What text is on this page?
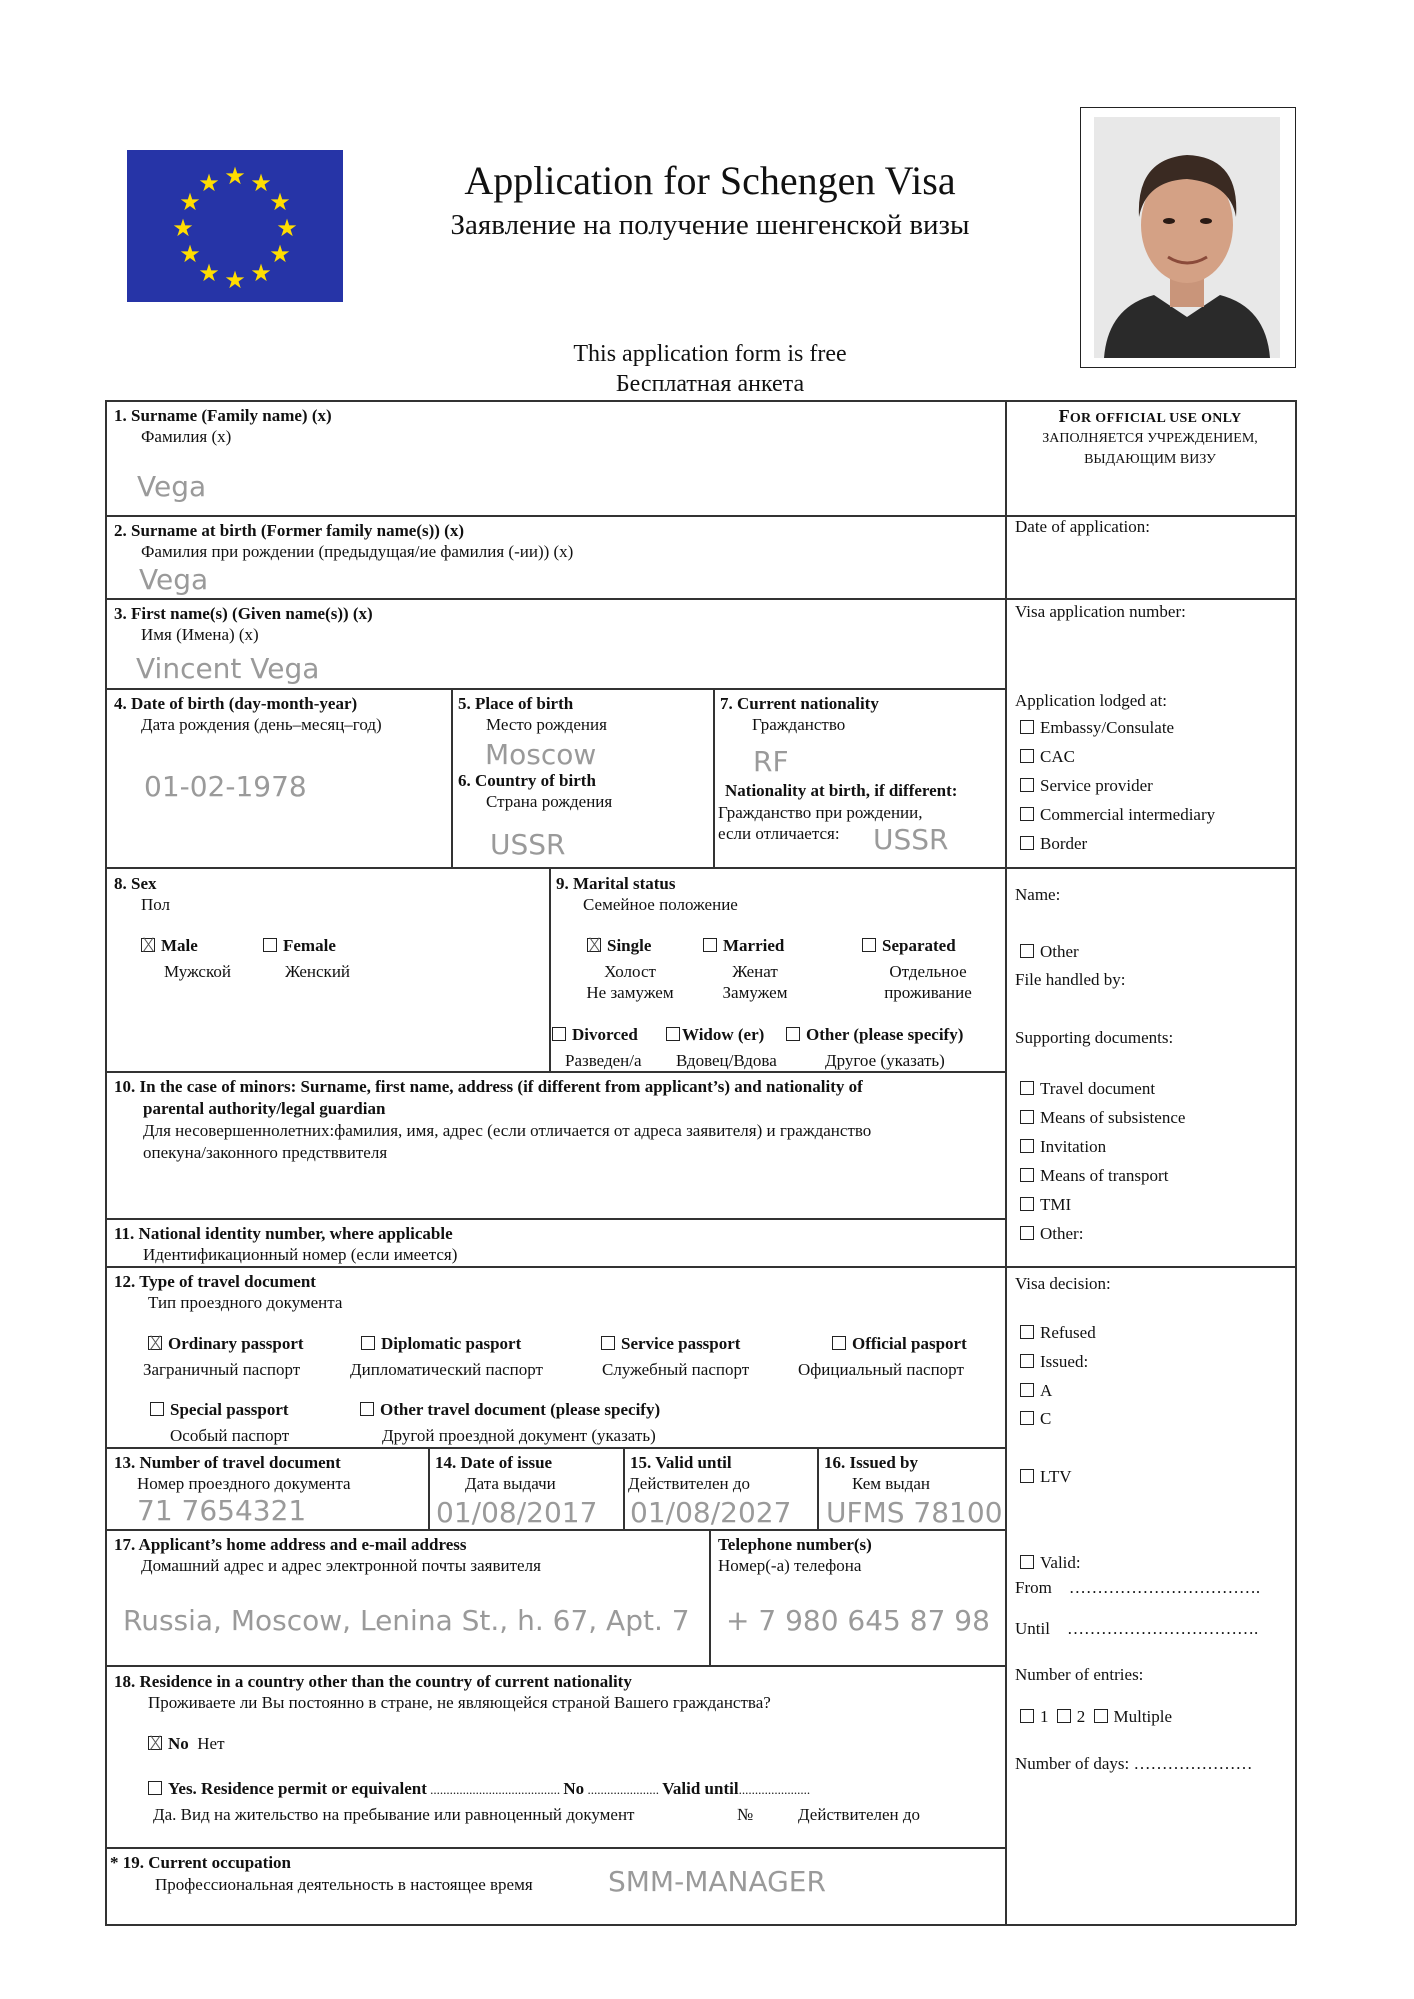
★ ★
★
★
★
★
★
★
★
★
★
★	Application for Schengen Visa
Заявление на получение шенгенской визы
This application form is free
Бесплатная анкета
1. Surname (Family name) (x)
Фамилия (x)
Vega
2. Surname at birth (Former family name(s)) (x)
Фамилия при рождении (предыдущая/ие фамилия (-ии)) (x)
Vega
3. First name(s) (Given name(s)) (x)
Имя (Имена) (x)
Vincent Vega
4. Date of birth (day-month-year)
Дата рождения (день–месяц–год)
01-02-1978
5. Place of birth
Место рождения
Moscow
6. Country of birth
Страна рождения
USSR
7. Current nationality
Гражданство
RF
Nationality at birth, if different:
Гражданство при рождении,
если отличается: USSR
8. Sex
Пол
Male
Мужской
Female
Женский
9. Marital status
Семейное положение
Single
Холост
Не замужем
Married
Женат
Замужем
Separated
Отдельное
проживание
Divorced
Разведен/а
Widow (er)
Вдовец/Вдова
Other (please specify)
Другое (указать)
10. In the case of minors: Surname, first name, address (if different from applicant’s) and nationality of
parental authority/legal guardian
Для несовершеннолетних:фамилия, имя, адрес (если отличается от адреса заявителя) и гражданство
опекуна/законного предстввителя
11. National identity number, where applicable
Идентификационный номер (если имеется)
12. Type of travel document
Тип проездного документа
Ordinary passport
Заграничный паспорт
Diplomatic pasport
Дипломатический паспорт
Service passport
Служебный паспорт
Official pasport
Официальный паспорт
Special passport
Особый паспорт
Other travel document (please specify)
Другой проездной документ (указать)
13. Number of travel document
Номер проездного документа
71 7654321
14. Date of issue
Дата выдачи
01/08/2017
15. Valid until
Действителен до
01/08/2027
16. Issued by
Кем выдан
UFMS 78100
17. Applicant’s home address and e-mail address
Домашний адрес и адрес электронной почты заявителя
Russia, Moscow, Lenina St., h. 67, Apt. 7
Telephone number(s)
Номер(-а) телефона
+ 7 980 645 87 98
18. Residence in a country other than the country of current nationality
Проживаете ли Вы постоянно в стране, не являющейся страной Вашего гражданства?
No Нет
Yes. Residence permit or equivalent ........................................ No ...................... Valid until......................
Да. Вид на жительство на пребывание или равноценный документ	№	Действителен до
* 19. Current occupation
Профессиональная деятельность в настоящее время	SMM-MANAGER
FOR OFFICIAL USE ONLY
ЗАПОЛНЯЕТСЯ УЧРЕЖДЕНИЕМ,
ВЫДАЮЩИМ ВИЗУ
Date of application:
Visa application number:
Application lodged at:
Embassy/Consulate
CAC
Service provider
Commercial intermediary
Border
Name:
Other
File handled by:
Supporting documents:
Travel document
Means of subsistence
Invitation
Means of transport
TMI
Other:
Visa decision:
Refused
Issued:
A
C
LTV
Valid:
From …………………………….
Until …………………………….
Number of entries:
1 2 Multiple
Number of days: …………………
